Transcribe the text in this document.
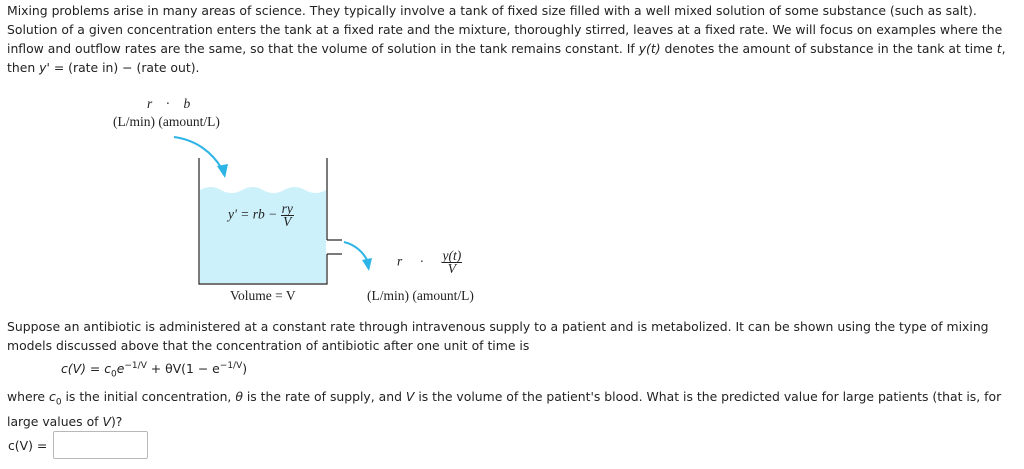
Mixing problems arise in many areas of science. They typically involve a tank of fixed size filled with a well mixed solution of some substance (such as salt). Solution of a given concentration enters the tank at a fixed rate and the mixture, thoroughly stirred, leaves at a fixed rate. We will focus on examples where the inflow and outflow rates are the same, so that the volume of solution in the tank remains constant. If y(t) denotes the amount of substance in the tank at time t, then y' = (rate in) − (rate out).
r · b
(L/min) (amount/L)
y' = rb − $\frac{ry}{V}$
Volume = V
$r \cdot \frac{y(t)}{V}$
(L/min) (amount/L)
Suppose an antibiotic is administered at a constant rate through intravenous supply to a patient and is metabolized. It can be shown using the type of mixing models discussed above that the concentration of antibiotic after one unit of time is
$c(V) = c_0e^{-1/V} + \theta V(1 - e^{-1/V})$
where $c_0$ is the initial concentration, θ is the rate of supply, and V is the volume of the patient's blood. What is the predicted value for large patients (that is, for large values of V)?
c(V) =
